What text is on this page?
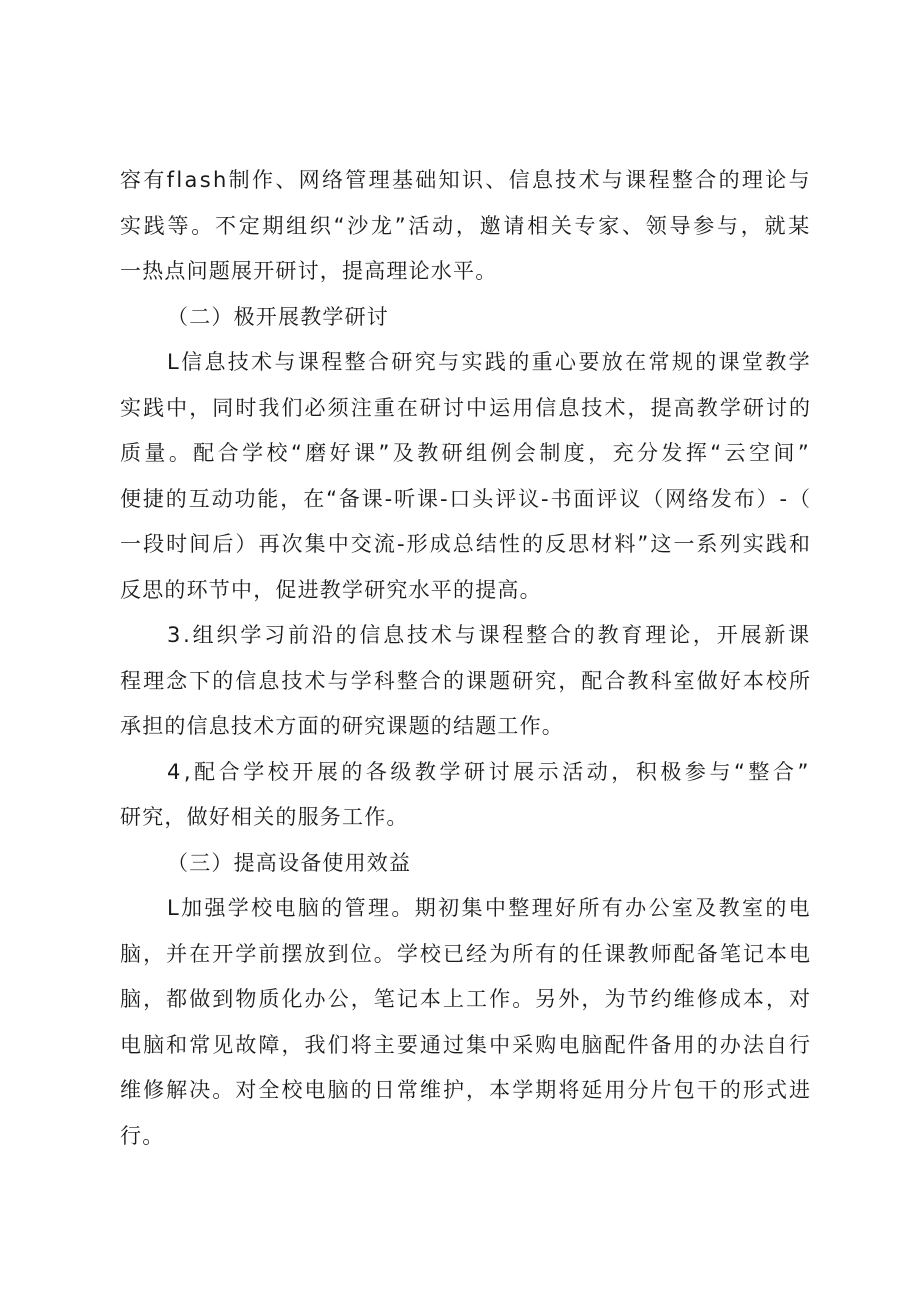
容有flash制作、网络管理基础知识、信息技术与课程整合的理论与
实践等。不定期组织“沙龙”活动，邀请相关专家、领导参与，就某
一热点问题展开研讨，提高理论水平。
（二）极开展教学研讨
L信息技术与课程整合研究与实践的重心要放在常规的课堂教学
实践中，同时我们必须注重在研讨中运用信息技术，提高教学研讨的
质量。配合学校“磨好课”及教研组例会制度，充分发挥“云空间”
便捷的互动功能，在“备课-听课-口头评议-书面评议（网络发布）-（
一段时间后）再次集中交流-形成总结性的反思材料”这一系列实践和
反思的环节中，促进教学研究水平的提高。
3.组织学习前沿的信息技术与课程整合的教育理论，开展新课
程理念下的信息技术与学科整合的课题研究，配合教科室做好本校所
承担的信息技术方面的研究课题的结题工作。
4,配合学校开展的各级教学研讨展示活动，积极参与“整合”
研究，做好相关的服务工作。
（三）提高设备使用效益
L加强学校电脑的管理。期初集中整理好所有办公室及教室的电
脑，并在开学前摆放到位。学校已经为所有的任课教师配备笔记本电
脑，都做到物质化办公，笔记本上工作。另外，为节约维修成本，对
电脑和常见故障，我们将主要通过集中采购电脑配件备用的办法自行
维修解决。对全校电脑的日常维护，本学期将延用分片包干的形式进
行。
